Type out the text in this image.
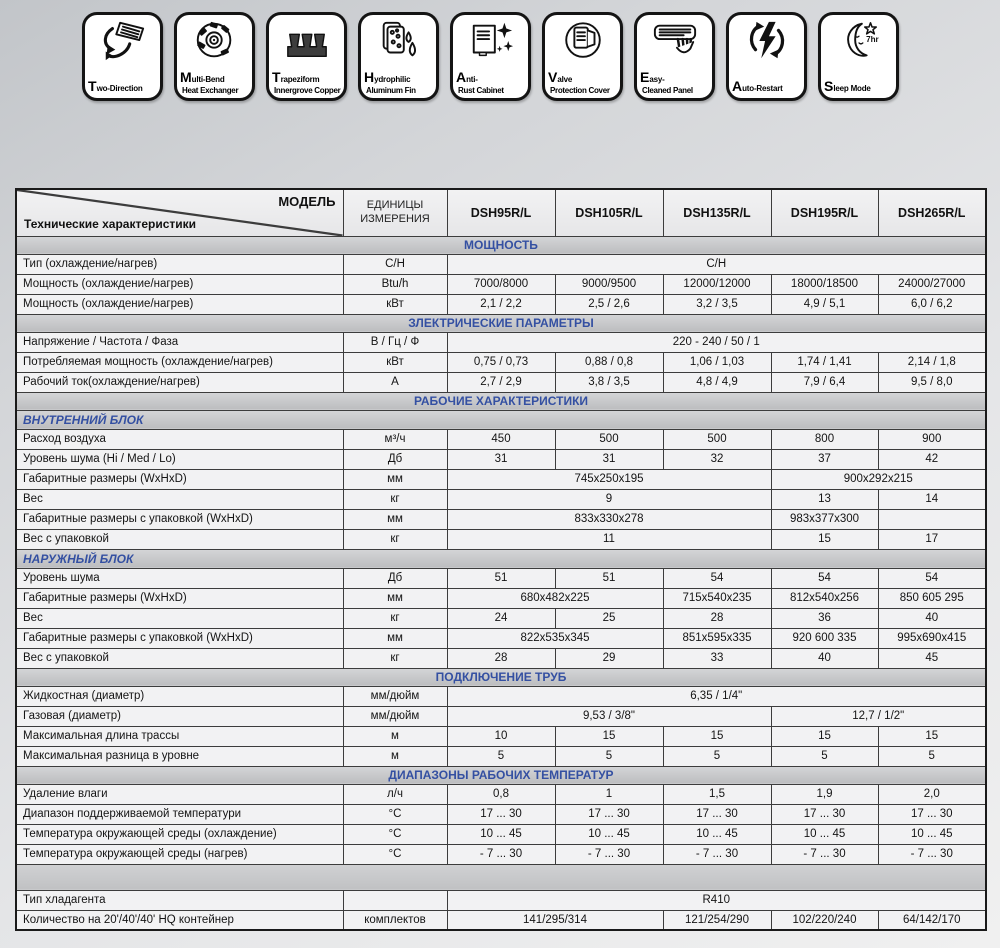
Two-Direction
Multi-Bend
Heat Exchanger
Trapeziform
Innergrove Copper
Hydrophilic
Aluminum Fin
Anti-
Rust Cabinet
Valve
Protection Cover
Easy-
Cleaned Panel	Auto-Restart
7hr
Sleep Mode
МОДЕЛЬ
Технические характеристики	ЕДИНИЦЫ ИЗМЕРЕНИЯ	DSH95R/L	DSH105R/L	DSH135R/L	DSH195R/L	DSH265R/L
МОЩНОСТЬ						
Тип (охлаждение/нагрев)	С/Н	С/Н				
Мощность (охлаждение/нагрев)	Btu/h	7000/8000	9000/9500	12000/12000	18000/18500	24000/27000
Мощность (охлаждение/нагрев)	кВт	2,1 / 2,2	2,5 / 2,6	3,2 / 3,5	4,9 / 5,1	6,0 / 6,2
ЗЛЕКТРИЧЕСКИЕ ПАРАМЕТРЫ						
Напряжение / Частота / Фаза	В / Гц / Ф	220 - 240 / 50 / 1				
Потребляемая мощность (охлаждение/нагрев)	кВт	0,75 / 0,73	0,88 / 0,8	1,06 / 1,03	1,74 / 1,41	2,14 / 1,8
Рабочий ток(охлаждение/нагрев)	А	2,7 / 2,9	3,8 / 3,5	4,8 / 4,9	7,9 / 6,4	9,5 / 8,0
РАБОЧИЕ ХАРАКТЕРИСТИКИ						
ВНУТРЕННИЙ БЛОК						
Расход воздуха	м³/ч	450	500	500	800	900
Уровень шума (Hi / Med / Lo)	Дб	31	31	32	37	42
Габаритные размеры (WxHxD)	мм	745x250x195			900x292x215	
Вес	кг	9			13	14
Габаритные размеры с упаковкой (WxHxD)	мм	833x330x278			983x377x300	
Вес с упаковкой	кг	11			15	17
НАРУЖНЫЙ БЛОК						
Уровень шума	Дб	51	51	54	54	54
Габаритные размеры (WxHxD)	мм	680x482x225		715x540x235	812x540x256	850 605 295
Вес	кг	24	25	28	36	40
Габаритные размеры с упаковкой (WxHxD)	мм	822x535x345		851x595x335	920 600 335	995x690x415
Вес с упаковкой	кг	28	29	33	40	45
ПОДКЛЮЧЕНИЕ ТРУБ						
Жидкостная (диаметр)	мм/дюйм	6,35 / 1/4"				
Газовая (диаметр)	мм/дюйм	9,53 / 3/8"			12,7 / 1/2"	
Максимальная длина трассы	м	10	15	15	15	15
Максимальная разница в уровне	м	5	5	5	5	5
ДИАПАЗОНЫ РАБОЧИХ ТЕМПЕРАТУР						
Удаление влаги	л/ч	0,8	1	1,5	1,9	2,0
Диапазон поддерживаемой температури	°С	17 ... 30	17 ... 30	17 ... 30	17 ... 30	17 ... 30
Температура окружающей среды (охлаждение)	°С	10 ... 45	10 ... 45	10 ... 45	10 ... 45	10 ... 45
Температура окружающей среды (нагрев)	°С	- 7 ... 30	- 7 ... 30	- 7 ... 30	- 7 ... 30	- 7 ... 30

Тип хладагента		R410				
Количество на 20'/40'/40' HQ контейнер	комплектов	141/295/314		121/254/290	102/220/240	64/142/170
